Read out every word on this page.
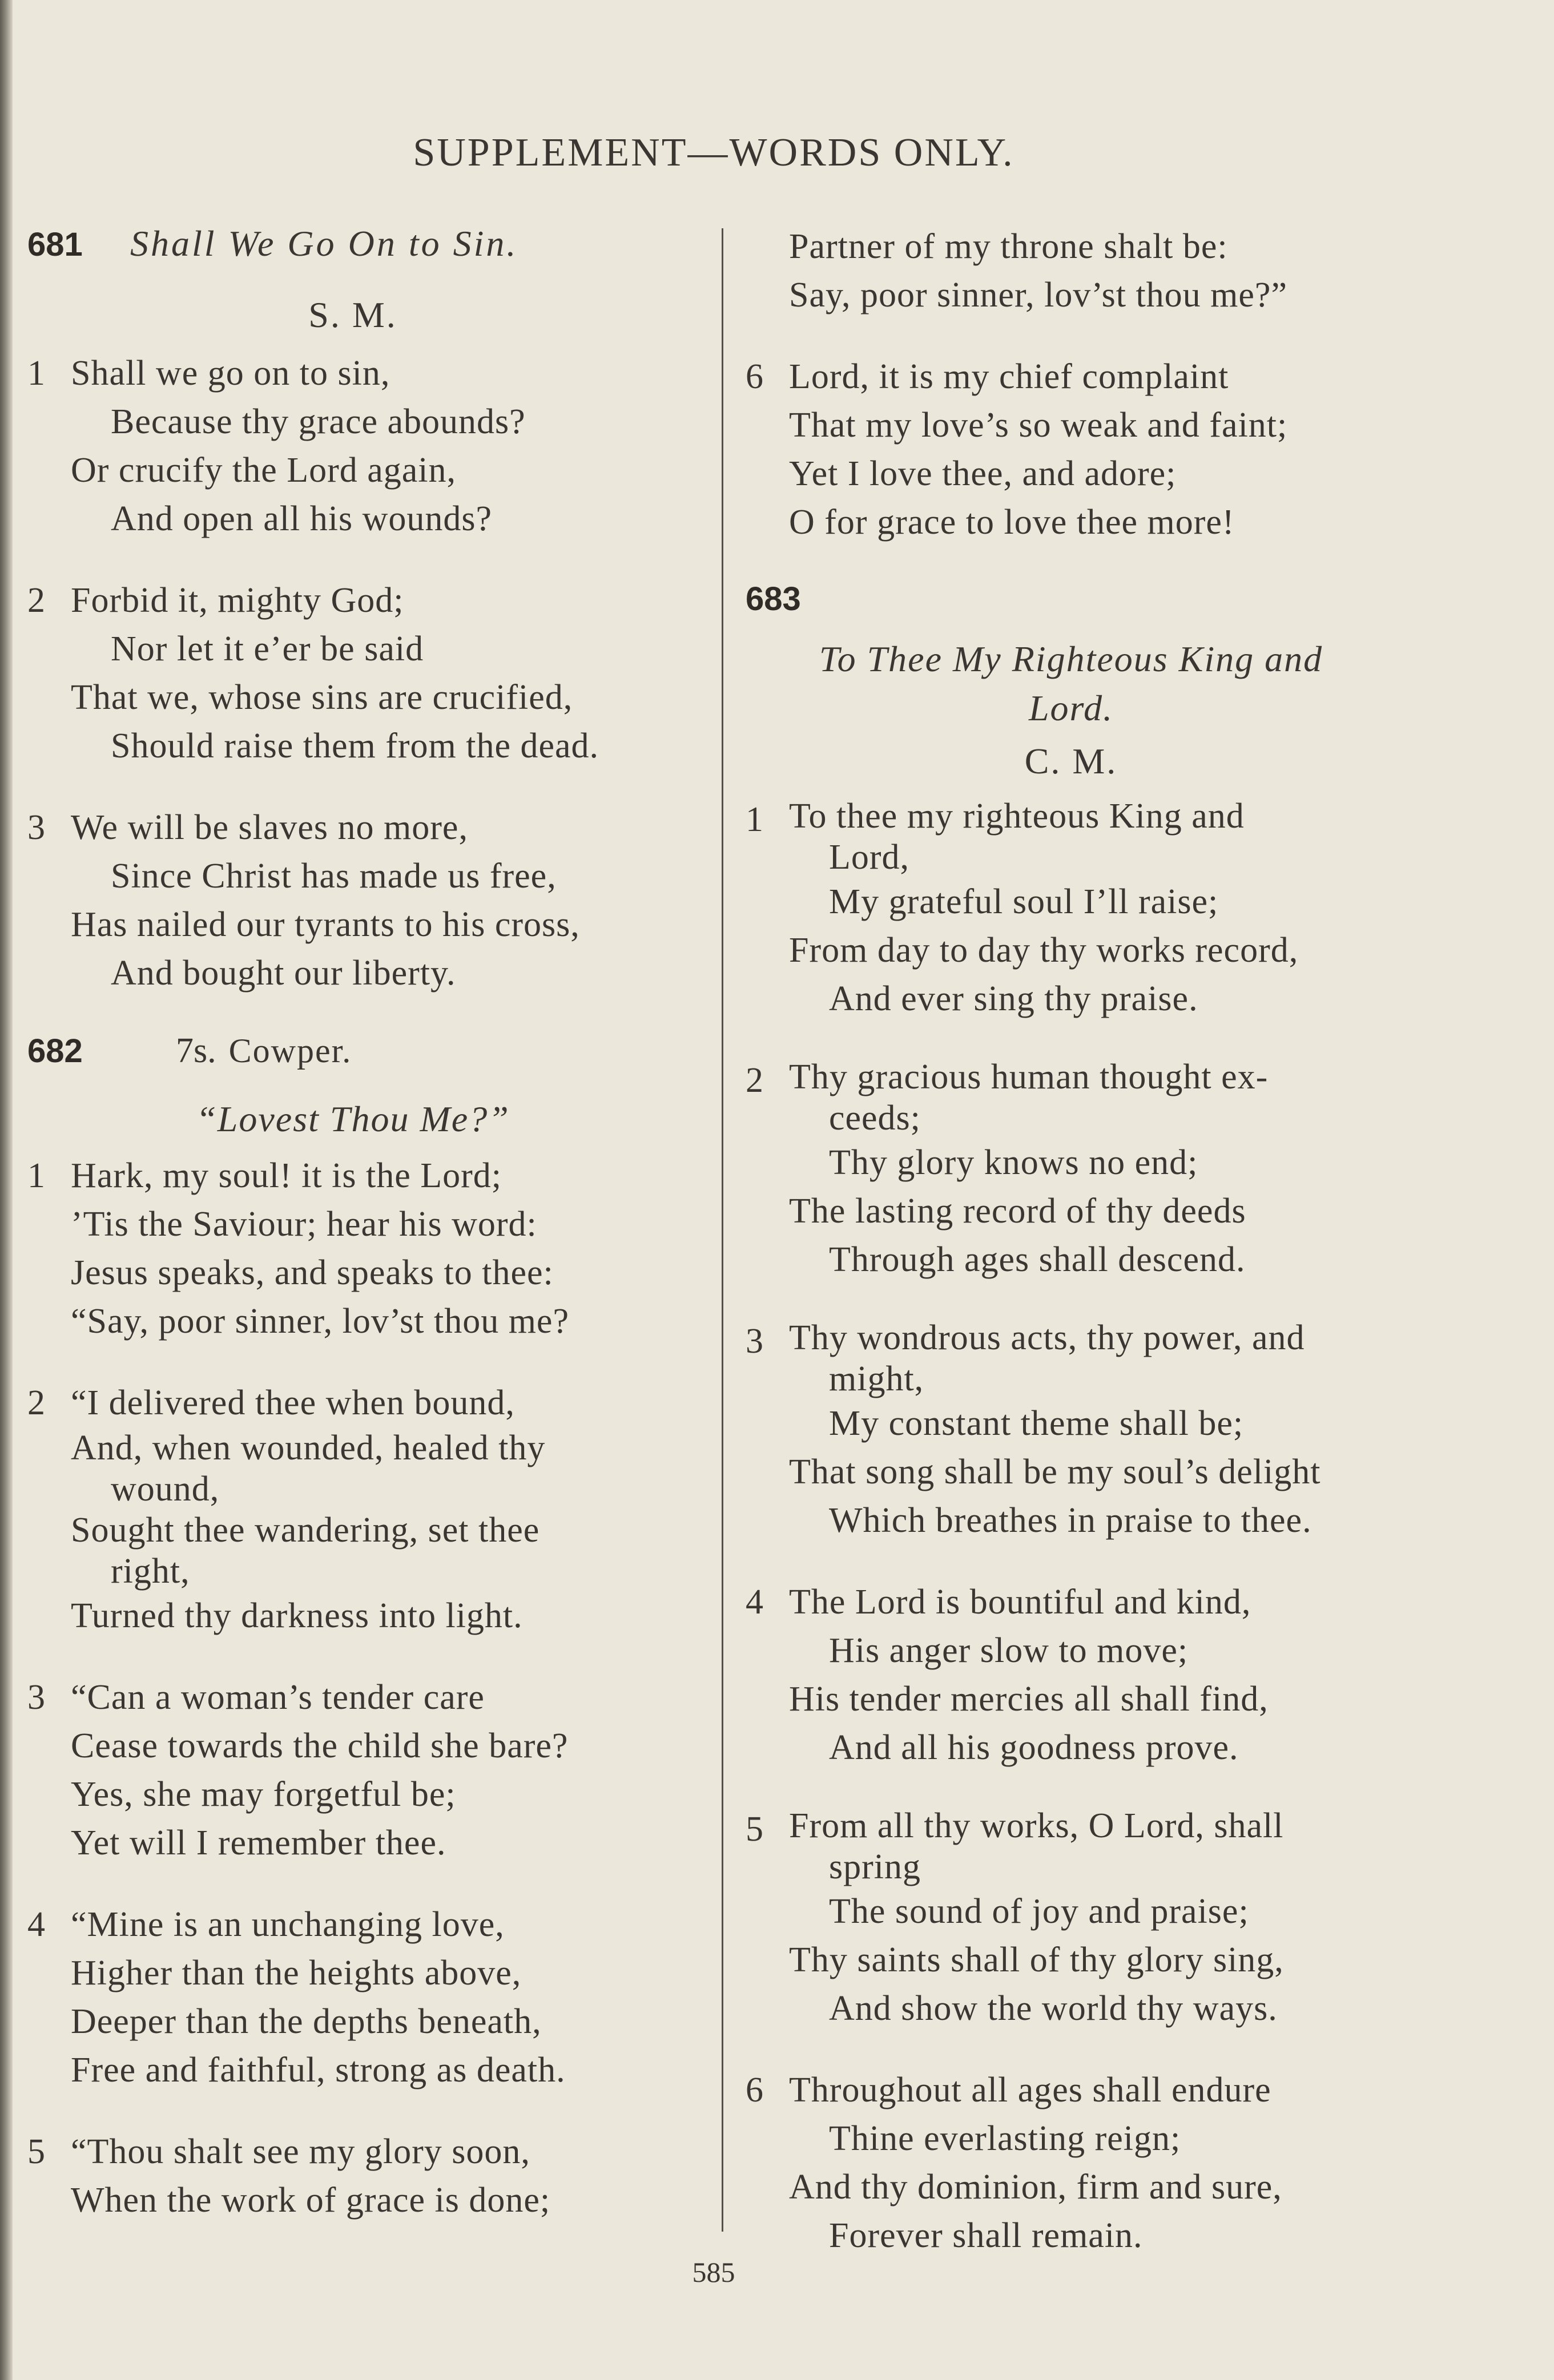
SUPPLEMENT—WORDS ONLY.
681	Shall We Go On to Sin.
S. M.
1 Shall we go on to sin,
Because thy grace abounds?
Or crucify the Lord again,
And open all his wounds?
2 Forbid it, mighty God;
Nor let it e’er be said
That we, whose sins are crucified,
Should raise them from the dead.
3 We will be slaves no more,
Since Christ has made us free,
Has nailed our tyrants to his cross,
And bought our liberty.
682	7s. Cowper.
“Lovest Thou Me?”
1 Hark, my soul! it is the Lord;
’Tis the Saviour; hear his word:
Jesus speaks, and speaks to thee:
“Say, poor sinner, lov’st thou me?
2 “I delivered thee when bound,
And, when wounded, healed thy
wound,
Sought thee wandering, set thee
right,
Turned thy darkness into light.
3 “Can a woman’s tender care
Cease towards the child she bare?
Yes, she may forgetful be;
Yet will I remember thee.
4 “Mine is an unchanging love,
Higher than the heights above,
Deeper than the depths beneath,
Free and faithful, strong as death.
5 “Thou shalt see my glory soon,
When the work of grace is done;
Partner of my throne shalt be:
Say, poor sinner, lov’st thou me?”
6 Lord, it is my chief complaint
That my love’s so weak and faint;
Yet I love thee, and adore;
O for grace to love thee more!
683
To Thee My Righteous King and
Lord.
C. M.
1 To thee my righteous King and
Lord,
My grateful soul I’ll raise;
From day to day thy works record,
And ever sing thy praise.
2 Thy gracious human thought ex-
ceeds;
Thy glory knows no end;
The lasting record of thy deeds
Through ages shall descend.
3 Thy wondrous acts, thy power, and
might,
My constant theme shall be;
That song shall be my soul’s delight
Which breathes in praise to thee.
4 The Lord is bountiful and kind,
His anger slow to move;
His tender mercies all shall find,
And all his goodness prove.
5 From all thy works, O Lord, shall
spring
The sound of joy and praise;
Thy saints shall of thy glory sing,
And show the world thy ways.
6 Throughout all ages shall endure
Thine everlasting reign;
And thy dominion, firm and sure,
Forever shall remain.
585
